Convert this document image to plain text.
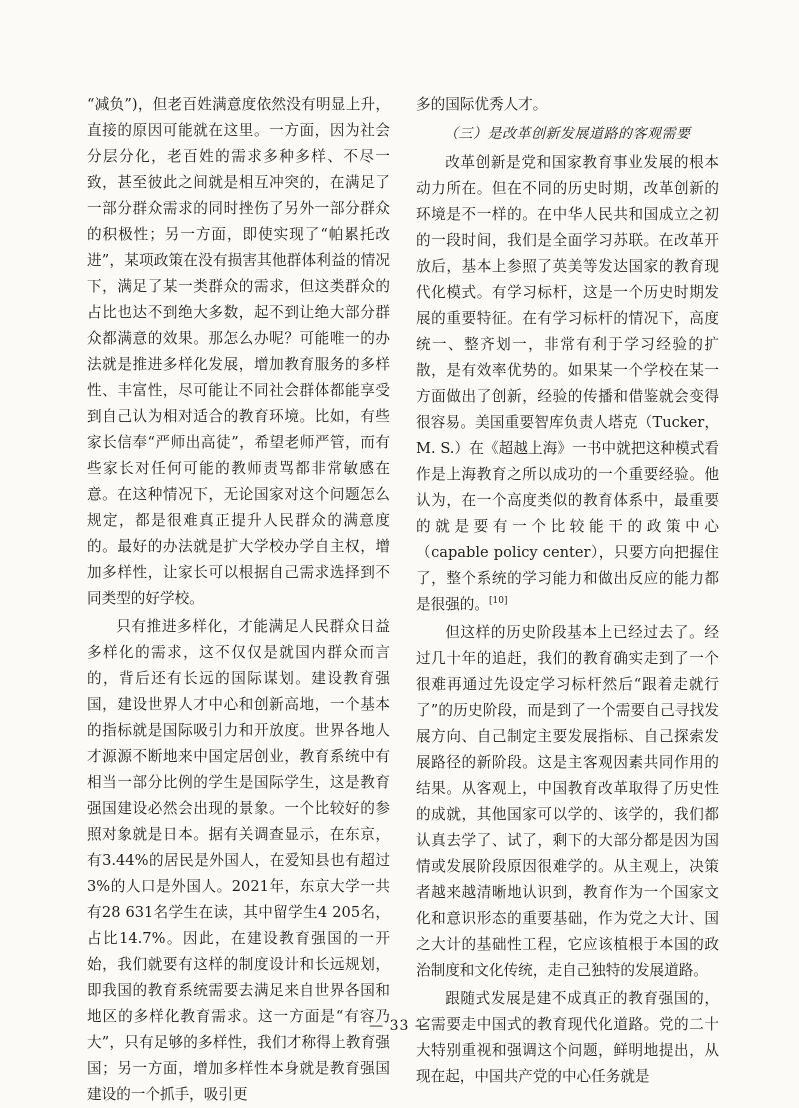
“减负”)，但老百姓满意度依然没有明显上升，直接的原因可能就在这里。一方面，因为社会分层分化，老百姓的需求多种多样、不尽一致，甚至彼此之间就是相互冲突的，在满足了一部分群众需求的同时挫伤了另外一部分群众的积极性；另一方面，即使实现了“帕累托改进”，某项政策在没有损害其他群体利益的情况下，满足了某一类群众的需求，但这类群众的占比也达不到绝大多数，起不到让绝大部分群众都满意的效果。那怎么办呢？可能唯一的办法就是推进多样化发展，增加教育服务的多样性、丰富性，尽可能让不同社会群体都能享受到自己认为相对适合的教育环境。比如，有些家长信奉“严师出高徒”，希望老师严管，而有些家长对任何可能的教师责骂都非常敏感在意。在这种情况下，无论国家对这个问题怎么规定，都是很难真正提升人民群众的满意度的。最好的办法就是扩大学校办学自主权，增加多样性，让家长可以根据自己需求选择到不同类型的好学校。

只有推进多样化，才能满足人民群众日益多样化的需求，这不仅仅是就国内群众而言的，背后还有长远的国际谋划。建设教育强国，建设世界人才中心和创新高地，一个基本的指标就是国际吸引力和开放度。世界各地人才源源不断地来中国定居创业，教育系统中有相当一部分比例的学生是国际学生，这是教育强国建设必然会出现的景象。一个比较好的参照对象就是日本。据有关调查显示，在东京，有3.44%的居民是外国人，在爱知县也有超过3%的人口是外国人。2021年，东京大学一共有28 631名学生在读，其中留学生4 205名，占比14.7%。因此，在建设教育强国的一开始，我们就要有这样的制度设计和长远规划，即我国的教育系统需要去满足来自世界各国和地区的多样化教育需求。这一方面是“有容乃大”，只有足够的多样性，我们才称得上教育强国；另一方面，增加多样性本身就是教育强国建设的一个抓手，吸引更

多的国际优秀人才。

（三）是改革创新发展道路的客观需要

改革创新是党和国家教育事业发展的根本动力所在。但在不同的历史时期，改革创新的环境是不一样的。在中华人民共和国成立之初的一段时间，我们是全面学习苏联。在改革开放后，基本上参照了英美等发达国家的教育现代化模式。有学习标杆，这是一个历史时期发展的重要特征。在有学习标杆的情况下，高度统一、整齐划一，非常有利于学习经验的扩散，是有效率优势的。如果某一个学校在某一方面做出了创新，经验的传播和借鉴就会变得很容易。美国重要智库负责人塔克（Tucker，M. S.）在《超越上海》一书中就把这种模式看作是上海教育之所以成功的一个重要经验。他认为，在一个高度类似的教育体系中，最重要的就是要有一个比较能干的政策中心（capable policy center），只要方向把握住了，整个系统的学习能力和做出反应的能力都是很强的。[10]

但这样的历史阶段基本上已经过去了。经过几十年的追赶，我们的教育确实走到了一个很难再通过先设定学习标杆然后“跟着走就行了”的历史阶段，而是到了一个需要自己寻找发展方向、自己制定主要发展指标、自己探索发展路径的新阶段。这是主客观因素共同作用的结果。从客观上，中国教育改革取得了历史性的成就，其他国家可以学的、该学的，我们都认真去学了、试了，剩下的大部分都是因为国情或发展阶段原因很难学的。从主观上，决策者越来越清晰地认识到，教育作为一个国家文化和意识形态的重要基础，作为党之大计、国之大计的基础性工程，它应该植根于本国的政治制度和文化传统，走自己独特的发展道路。

跟随式发展是建不成真正的教育强国的，它需要走中国式的教育现代化道路。党的二十大特别重视和强调这个问题，鲜明地提出，从现在起，中国共产党的中心任务就是

— 33 —
